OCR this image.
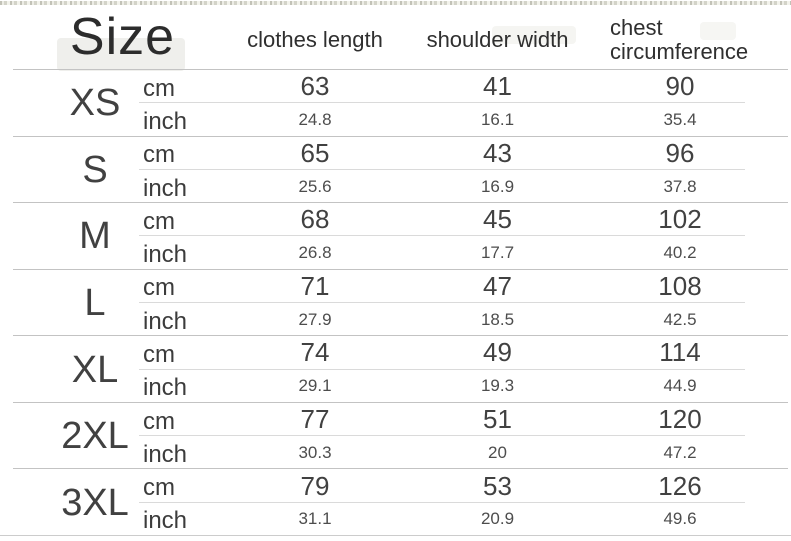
Size	clothes length	shoulder width	chest circumference
XS cm	63	41	90
inch	24.8	16.1	35.4
S	cm	65	43	96
inch	25.6	16.9	37.8
M	cm	68	45	102
inch	26.8	17.7	40.2
L	cm	71	47	108
inch	27.9	18.5	42.5
XL	cm	74	49	114
inch	29.1	19.3	44.9
2XL cm	77	51	120
inch	30.3	20	47.2
3XL cm	79	53	126
inch	31.1	20.9	49.6
